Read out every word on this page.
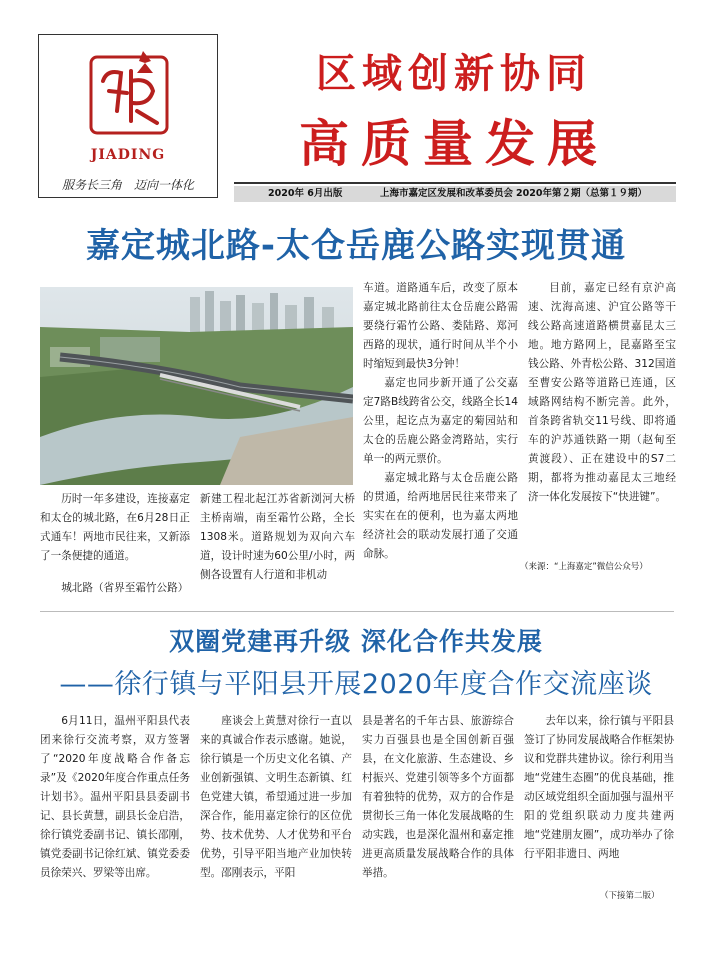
JIADING
服务长三角　迈向一体化
区域创新协同
高质量发展
2020年 6月出版	上海市嘉定区发展和改革委员会 2020年第２期（总第１９期）
嘉定城北路-太仓岳鹿公路实现贯通

历时一年多建设，连接嘉定和太仓的城北路，在6月28日正式通车！两地市民往来，又新添了一条便捷的通道。

城北路（省界至霜竹公路）

新建工程北起江苏省新浏河大桥主桥南端，南至霜竹公路，全长1308米。道路规划为双向六车道，设计时速为60公里/小时，两侧各设置有人行道和非机动

车道。道路通车后，改变了原本嘉定城北路前往太仓岳鹿公路需要绕行霜竹公路、娄陆路、郑河西路的现状，通行时间从半个小时缩短到最快3分钟！

嘉定也同步新开通了公交嘉定7路B线跨省公交，线路全长14公里，起讫点为嘉定的菊园站和太仓的岳鹿公路金湾路站，实行单一的两元票价。

嘉定城北路与太仓岳鹿公路的贯通，给两地居民往来带来了实实在在的便利，也为嘉太两地经济社会的联动发展打通了交通命脉。

目前，嘉定已经有京沪高速、沈海高速、沪宜公路等干线公路高速道路横贯嘉昆太三地。地方路网上，昆嘉路至宝钱公路、外青松公路、312国道至曹安公路等道路已连通，区域路网结构不断完善。此外，首条跨省轨交11号线、即将通车的沪苏通铁路一期（赵甸至黄渡段）、正在建设中的S7二期，都将为推动嘉昆太三地经济一体化发展按下“快进键”。

（来源：“上海嘉定”微信公众号）
双圈党建再升级 深化合作共发展
——徐行镇与平阳县开展2020年度合作交流座谈

6月11日，温州平阳县代表团来徐行交流考察，双方签署了“2020年度战略合作备忘录”及《2020年度合作重点任务计划书》。温州平阳县县委副书记、县长黄慧，副县长金启浩，徐行镇党委副书记、镇长邵刚，镇党委副书记徐红斌、镇党委委员徐荣兴、罗梁等出席。

座谈会上黄慧对徐行一直以来的真诚合作表示感谢。她说，徐行镇是一个历史文化名镇、产业创新强镇、文明生态新镇、红色党建大镇，希望通过进一步加深合作，能用嘉定徐行的区位优势、技术优势、人才优势和平台优势，引导平阳当地产业加快转型。邵刚表示，平阳

县是著名的千年古县、旅游综合实力百强县也是全国创新百强县，在文化旅游、生态建设、乡村振兴、党建引领等多个方面都有着独特的优势，双方的合作是贯彻长三角一体化发展战略的生动实践，也是深化温州和嘉定推进更高质量发展战略合作的具体举措。

去年以来，徐行镇与平阳县签订了协同发展战略合作框架协议和党群共建协议。徐行利用当地“党建生态圈”的优良基础，推动区域党组织全面加强与温州平阳的党组织联动力度共建两地“党建朋友圈”，成功举办了徐行平阳非遗日、两地

（下接第二版）
